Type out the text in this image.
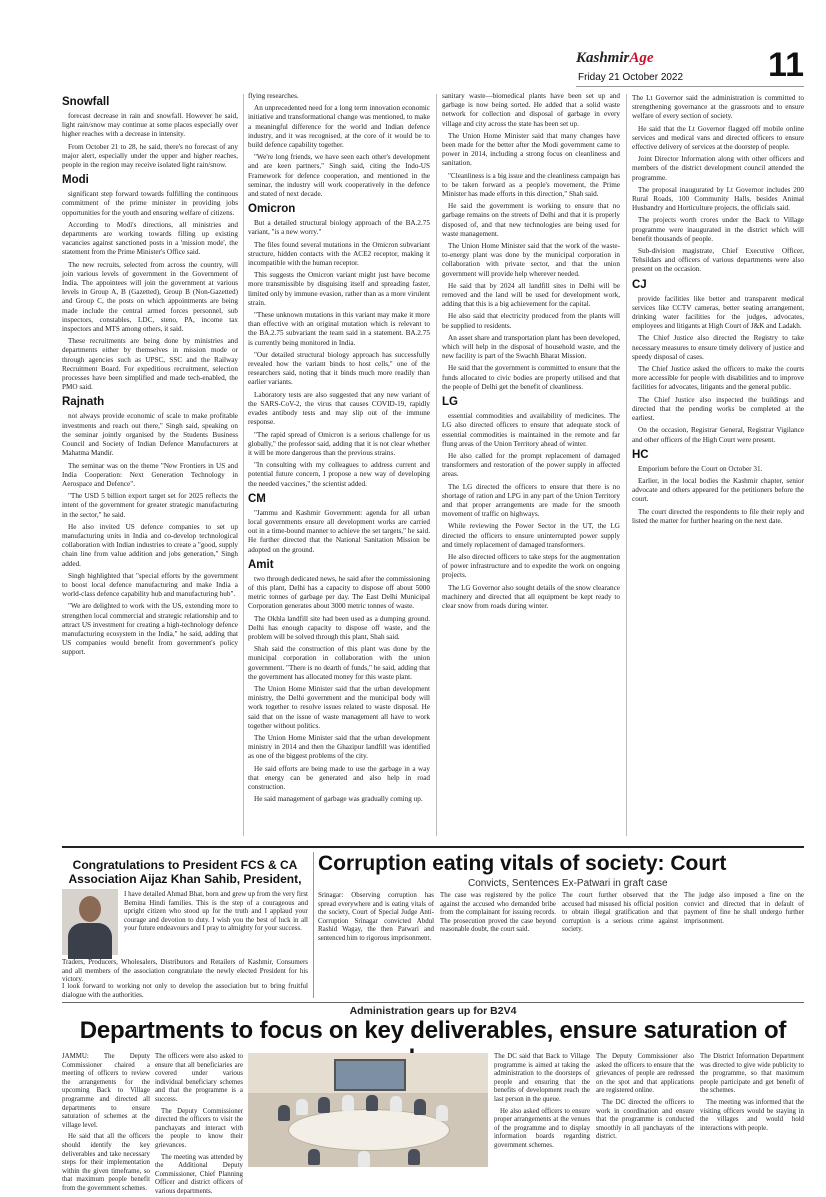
KashmirAge
Friday 21 October 2022 11
Snowfall

forecast decrease in rain and snowfall. However he said, light rain/snow may continue at some places especially over higher reaches with a decrease in intensity.

From October 21 to 28, he said, there's no forecast of any major alert, especially under the upper and higher reaches, people in the region may receive isolated light rain/snow.

Modi

significant step forward towards fulfilling the continuous commitment of the prime minister in providing jobs opportunities for the youth and ensuring welfare of citizens.

According to Modi's directions, all ministries and departments are working towards filling up existing vacancies against sanctioned posts in a 'mission mode', the statement from the Prime Minister's Office said.

The new recruits, selected from across the country, will join various levels of government in the Government of India. The appointees will join the government at various levels in Group A, B (Gazetted), Group B (Non-Gazetted) and Group C, the posts on which appointments are being made include the central armed forces personnel, sub inspectors, constables, LDC, steno, PA, income tax inspectors and MTS among others, it said.

These recruitments are being done by ministries and departments either by themselves in mission mode or through agencies such as UPSC, SSC and the Railway Recruitment Board. For expeditious recruitment, selection processes have been simplified and made tech-enabled, the PMO said.

Rajnath

not always provide economic of scale to make profitable investments and reach out there," Singh said, speaking on the seminar jointly organised by the Students Business Council and Society of Indian Defence Manufacturers at Mahatma Mandir.

The seminar was on the theme "New Frontiers in US and India Cooperation: Next Generation Technology in Aerospace and Defence".

"The USD 5 billion export target set for 2025 reflects the intent of the government for greater strategic manufacturing in the sector," he said.

He also invited US defence companies to set up manufacturing units in India and co-develop technological collaboration with Indian industries to create a "good, supply chain line from value addition and jobs generation," Singh added.

Singh highlighted that "special efforts by the government to boost local defence manufacturing and make India a world-class defence capability hub and manufacturing hub".

"We are delighted to work with the US, extending more to strengthen local commercial and strategic relationship and to attract US investment for creating a high-technology defence manufacturing ecosystem in the India," he said, adding that US companies would benefit from government's policy support.

flying researches.

An unprecedented need for a long term innovation economic initiative and transformational change was mentioned, to make a meaningful difference for the world and Indian defence industry, and it was recognised, at the core of it would be to build defence capability together.

"We're long friends, we have seen each other's development and are keen partners," Singh said, citing the Indo-US Framework for defence cooperation, and mentioned in the seminar, the industry will work cooperatively in the defence and stated of next decade.

Omicron

But a detailed structural biology approach of the BA.2.75 variant, "is a new worry."

The files found several mutations in the Omicron subvariant structure, hidden contacts with the ACE2 receptor, making it incompatible with the human receptor.

This suggests the Omicron variant might just have become more transmissible by disguising itself and spreading faster, limited only by immune evasion, rather than as a more virulent strain.

"These unknown mutations in this variant may make it more than effective with an original mutation which is relevant to the BA.2.75 subvariant the team said in a statement. BA.2.75 is currently being monitored in India.

"Our detailed structural biology approach has successfully revealed how the variant binds to host cells," one of the researchers said, noting that it binds much more readily than earlier variants.

Laboratory tests are also suggested that any new variant of the SARS-CoV-2, the virus that causes COVID-19, rapidly evades antibody tests and may slip out of the immune response.

"The rapid spread of Omicron is a serious challenge for us globally," the professor said, adding that it is not clear whether it will be more dangerous than the previous strains.

"In consulting with my colleagues to address current and potential future concern, I propose a new way of developing the needed vaccines," the scientist added.

CM

"Jammu and Kashmir Government: agenda for all urban local governments ensure all development works are carried out in a time-bound manner to achieve the set targets," he said. He further directed that the National Sanitation Mission be adopted on the ground.

Amit

two through dedicated news, he said after the commissioning of this plant, Delhi has a capacity to dispose off about 5000 metric tonnes of garbage per day. The East Delhi Municipal Corporation generates about 3000 metric tonnes of waste.

The Okhla landfill site had been used as a dumping ground. Delhi has enough capacity to dispose off waste, and the problem will be solved through this plant, Shah said.

Shah said the construction of this plant was done by the municipal corporation in collaboration with the union government. "There is no dearth of funds," he said, adding that the government has allocated money for this waste plant.

The Union Home Minister said that the urban development ministry, the Delhi government and the municipal body will work together to resolve issues related to waste disposal. He said that on the issue of waste management all have to work together without politics.

The Union Home Minister said that the urban development ministry in 2014 and then the Ghazipur landfill was identified as one of the biggest problems of the city.

He said efforts are being made to use the garbage in a way that energy can be generated and also help in road construction.

He said management of garbage was gradually coming up.

sanitary waste—biomedical plants have been set up and garbage is now being sorted. He added that a solid waste network for collection and disposal of garbage in every village and city across the state has been set up.

The Union Home Minister said that many changes have been made for the better after the Modi government came to power in 2014, including a strong focus on cleanliness and sanitation.

"Cleanliness is a big issue and the cleanliness campaign has to be taken forward as a people's movement, the Prime Minister has made efforts in this direction," Shah said.

He said the government is working to ensure that no garbage remains on the streets of Delhi and that it is properly disposed of, and that new technologies are being used for waste management.

The Union Home Minister said that the work of the waste-to-energy plant was done by the municipal corporation in collaboration with private sector, and that the union government will provide help wherever needed.

He said that by 2024 all landfill sites in Delhi will be removed and the land will be used for development work, adding that this is a big achievement for the capital.

He also said that electricity produced from the plants will be supplied to residents.

An asset share and transportation plant has been developed, which will help in the disposal of household waste, and the new facility is part of the Swachh Bharat Mission.

He said that the government is committed to ensure that the funds allocated to civic bodies are properly utilised and that the people of Delhi get the benefit of cleanliness.

LG

essential commodities and availability of medicines. The LG also directed officers to ensure that adequate stock of essential commodities is maintained in the remote and far flung areas of the Union Territory ahead of winter.

He also called for the prompt replacement of damaged transformers and restoration of the power supply in affected areas.

The LG directed the officers to ensure that there is no shortage of ration and LPG in any part of the Union Territory and that proper arrangements are made for the smooth movement of traffic on highways.

While reviewing the Power Sector in the UT, the LG directed the officers to ensure uninterrupted power supply and timely replacement of damaged transformers.

He also directed officers to take steps for the augmentation of power infrastructure and to expedite the work on ongoing projects.

The LG Governor also sought details of the snow clearance machinery and directed that all equipment be kept ready to clear snow from roads during winter.

The Lt Governor said the administration is committed to strengthening governance at the grassroots and to ensure welfare of every section of society.

He said that the Lt Governor flagged off mobile online services and medical vans and directed officers to ensure effective delivery of services at the doorstep of people.

Joint Director Information along with other officers and members of the district development council attended the programme.

The proposal inaugurated by Lt Governor includes 200 Rural Roads, 100 Community Halls, besides Animal Husbandry and Horticulture projects, the officials said.

The projects worth crores under the Back to Village programme were inaugurated in the district which will benefit thousands of people.

Sub-division magistrate, Chief Executive Officer, Tehsildars and officers of various departments were also present on the occasion.

CJ

provide facilities like better and transparent medical services like CCTV cameras, better seating arrangement, drinking water facilities for the judges, advocates, employees and litigants at High Court of J&K and Ladakh.

The Chief Justice also directed the Registry to take necessary measures to ensure timely delivery of justice and speedy disposal of cases.

The Chief Justice asked the officers to make the courts more accessible for people with disabilities and to improve facilities for advocates, litigants and the general public.

The Chief Justice also inspected the buildings and directed that the pending works be completed at the earliest.

On the occasion, Registrar General, Registrar Vigilance and other officers of the High Court were present.

HC

Emporium before the Court on October 31.

Earlier, in the local bodies the Kashmir chapter, senior advocate and others appeared for the petitioners before the court.

The court directed the respondents to file their reply and listed the matter for further hearing on the next date.

Congratulations to President FCS & CA Association Aijaz Khan Sahib, President,
I have detailed Ahmad Bhat, born and grew up from the very first Bemina Hindi families. This is the step of a courageous and upright citizen who stood up for the truth and I applaud your courage and devotion to duty. I wish you the best of luck in all your future endeavours and I pray to almighty for your success.
Traders, Producers, Wholesalers, Distributors and Retailers of Kashmir, Consumers and all members of the association congratulate the newly elected President for his victory.
I look forward to working not only to develop the association but to bring fruitful dialogue with the authorities.
Corruption eating vitals of society: Court
Convicts, Sentences Ex-Patwari in graft case
Srinagar: Observing corruption has spread everywhere and is eating vitals of the society, Court of Special Judge Anti-Corruption Srinagar convicted Abdul Rashid Wagay, the then Patwari and sentenced him to rigorous imprisonment.
The case was registered by the police against the accused who demanded bribe from the complainant for issuing records. The prosecution proved the case beyond reasonable doubt, the court said.
The court further observed that the accused had misused his official position to obtain illegal gratification and that corruption is a serious crime against society.
The judge also imposed a fine on the convict and directed that in default of payment of fine he shall undergo further imprisonment.
Administration gears up for B2V4
Departments to focus on key deliverables, ensure saturation of

JAMMU: The Deputy Commissioner chaired a meeting of officers to review the arrangements for the upcoming Back to Village programme and directed all departments to ensure saturation of schemes at the village level.

He said that all the officers should identify the key deliverables and take necessary steps for their implementation within the given timeframe, so that maximum people benefit from the government schemes.

The officers were also asked to ensure that all beneficiaries are covered under various individual beneficiary schemes and that the programme is a success.

The Deputy Commissioner directed the officers to visit the panchayats and interact with the people to know their grievances.

The meeting was attended by the Additional Deputy Commissioner, Chief Planning Officer and district officers of various departments.

The DC said that Back to Village programme is aimed at taking the administration to the doorsteps of people and ensuring that the benefits of development reach the last person in the queue.

He also asked officers to ensure proper arrangements at the venues of the programme and to display information boards regarding government schemes.

The Deputy Commissioner also asked the officers to ensure that the grievances of people are redressed on the spot and that applications are registered online.

The DC directed the officers to work in coordination and ensure that the programme is conducted smoothly in all panchayats of the district.

The District Information Department was directed to give wide publicity to the programme, so that maximum people participate and get benefit of the schemes.

The meeting was informed that the visiting officers would be staying in the villages and would hold interactions with people.
